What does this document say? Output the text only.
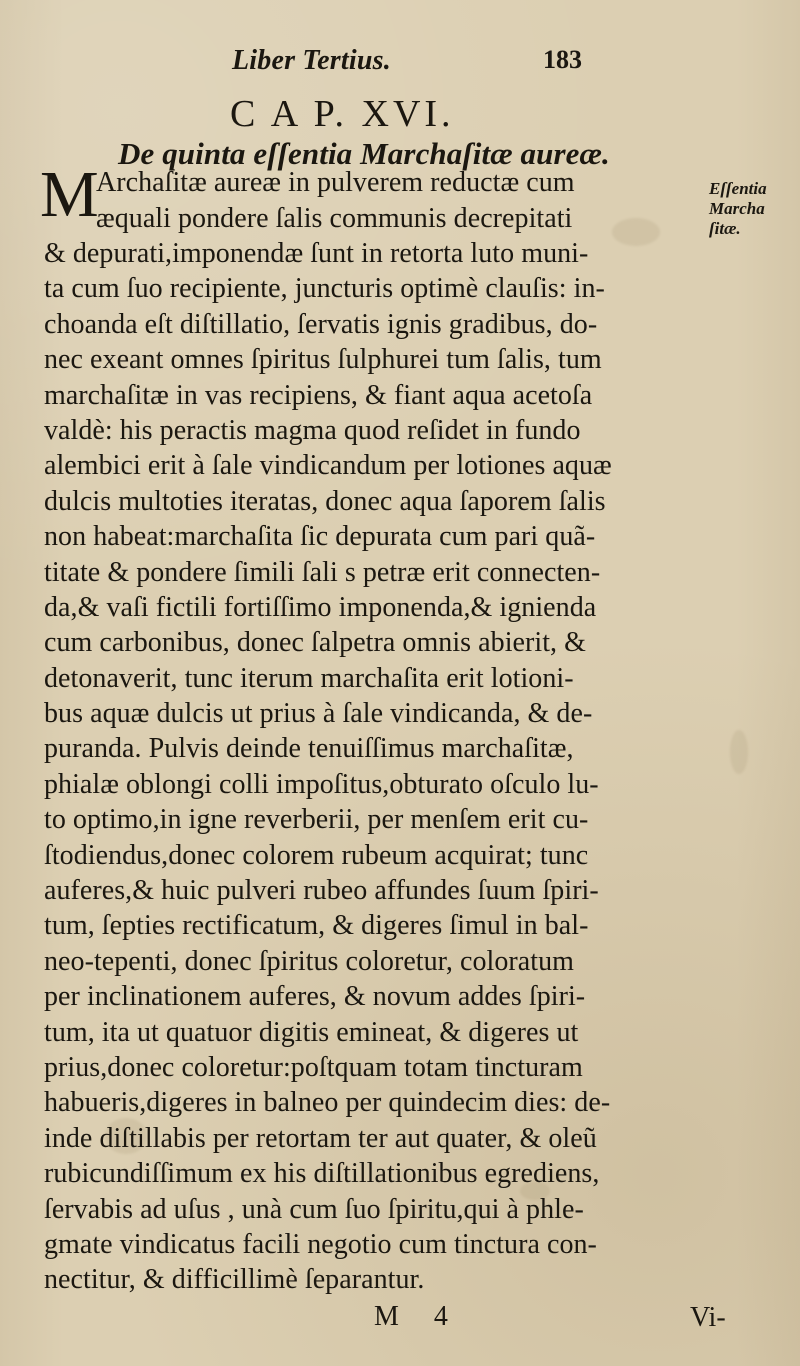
Liber Tertius.	183
C A P. XVI.
De quinta eſſentia Marchaſitæ aureæ.
M
Archaſitæ aureæ in pulverem reductæ cum
æquali pondere ſalis communis decrepitati
& depurati,imponendæ ſunt in retorta luto muni-
ta cum ſuo recipiente, juncturis optimè clauſis: in-
choanda eſt diſtillatio, ſervatis ignis gradibus, do-
nec exeant omnes ſpiritus ſulphurei tum ſalis, tum
marchaſitæ in vas recipiens, & fiant aqua acetoſa
valdè: his peractis magma quod reſidet in fundo
alembici erit à ſale vindicandum per lotiones aquæ
dulcis multoties iteratas, donec aqua ſaporem ſalis
non habeat:marchaſita ſic depurata cum pari quã-
titate & pondere ſimili ſali s petræ erit connecten-
da,& vaſi fictili fortiſſimo imponenda,& ignienda
cum carbonibus, donec ſalpetra omnis abierit, &
detonaverit, tunc iterum marchaſita erit lotioni-
bus aquæ dulcis ut prius à ſale vindicanda, & de-
puranda. Pulvis deinde tenuiſſimus marchaſitæ,
phialæ oblongi colli impoſitus,obturato oſculo lu-
to optimo,in igne reverberii, per menſem erit cu-
ſtodiendus,donec colorem rubeum acquirat; tunc
auferes,& huic pulveri rubeo affundes ſuum ſpiri-
tum, ſepties rectificatum, & digeres ſimul in bal-
neo-tepenti, donec ſpiritus coloretur, coloratum
per inclinationem auferes, & novum addes ſpiri-
tum, ita ut quatuor digitis emineat, & digeres ut
prius,donec coloretur:poſtquam totam tincturam
habueris,digeres in balneo per quindecim dies: de-
inde diſtillabis per retortam ter aut quater, & oleũ
rubicundiſſimum ex his diſtillationibus egrediens,
ſervabis ad uſus , unà cum ſuo ſpiritu,qui à phle-
gmate vindicatus facili negotio cum tinctura con-
nectitur, & difficillimè ſeparantur.
Eſſentia
Marcha
ſitæ.
M 4	Vi-
